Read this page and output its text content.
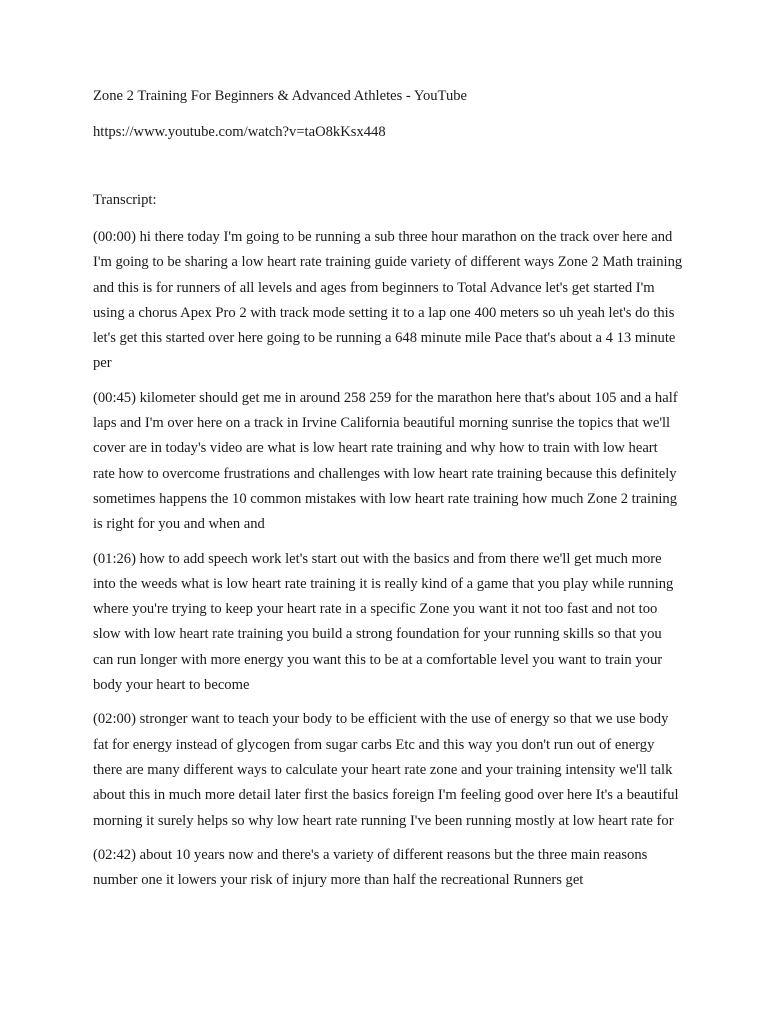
Zone 2 Training For Beginners & Advanced Athletes - YouTube

https://www.youtube.com/watch?v=taO8kKsx448

Transcript:

(00:00) hi there today I'm going to be running a sub three hour marathon on the track over here and I'm going to be sharing a low heart rate training guide variety of different ways Zone 2 Math training and this is for runners of all levels and ages from beginners to Total Advance let's get started I'm using a chorus Apex Pro 2 with track mode setting it to a lap one 400 meters so uh yeah let's do this let's get this started over here going to be running a 648 minute mile Pace that's about a 4 13 minute per

(00:45) kilometer should get me in around 258 259 for the marathon here that's about 105 and a half laps and I'm over here on a track in Irvine California beautiful morning sunrise the topics that we'll cover are in today's video are what is low heart rate training and why how to train with low heart rate how to overcome frustrations and challenges with low heart rate training because this definitely sometimes happens the 10 common mistakes with low heart rate training how much Zone 2 training is right for you and when and

(01:26) how to add speech work let's start out with the basics and from there we'll get much more into the weeds what is low heart rate training it is really kind of a game that you play while running where you're trying to keep your heart rate in a specific Zone you want it not too fast and not too slow with low heart rate training you build a strong foundation for your running skills so that you can run longer with more energy you want this to be at a comfortable level you want to train your body your heart to become

(02:00) stronger want to teach your body to be efficient with the use of energy so that we use body fat for energy instead of glycogen from sugar carbs Etc and this way you don't run out of energy there are many different ways to calculate your heart rate zone and your training intensity we'll talk about this in much more detail later first the basics foreign I'm feeling good over here It's a beautiful morning it surely helps so why low heart rate running I've been running mostly at low heart rate for

(02:42) about 10 years now and there's a variety of different reasons but the three main reasons number one it lowers your risk of injury more than half the recreational Runners get
